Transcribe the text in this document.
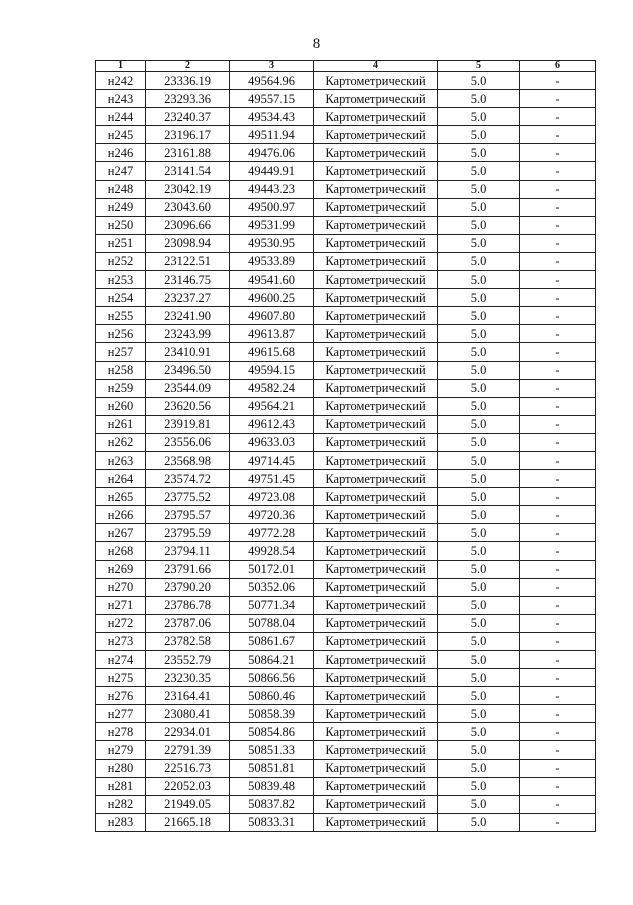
8
1	2	3	4	5	6
н242	23336.19	49564.96	Картометрический	5.0	-
н243	23293.36	49557.15	Картометрический	5.0	-
н244	23240.37	49534.43	Картометрический	5.0	-
н245	23196.17	49511.94	Картометрический	5.0	-
н246	23161.88	49476.06	Картометрический	5.0	-
н247	23141.54	49449.91	Картометрический	5.0	-
н248	23042.19	49443.23	Картометрический	5.0	-
н249	23043.60	49500.97	Картометрический	5.0	-
н250	23096.66	49531.99	Картометрический	5.0	-
н251	23098.94	49530.95	Картометрический	5.0	-
н252	23122.51	49533.89	Картометрический	5.0	-
н253	23146.75	49541.60	Картометрический	5.0	-
н254	23237.27	49600.25	Картометрический	5.0	-
н255	23241.90	49607.80	Картометрический	5.0	-
н256	23243.99	49613.87	Картометрический	5.0	-
н257	23410.91	49615.68	Картометрический	5.0	-
н258	23496.50	49594.15	Картометрический	5.0	-
н259	23544.09	49582.24	Картометрический	5.0	-
н260	23620.56	49564.21	Картометрический	5.0	-
н261	23919.81	49612.43	Картометрический	5.0	-
н262	23556.06	49633.03	Картометрический	5.0	-
н263	23568.98	49714.45	Картометрический	5.0	-
н264	23574.72	49751.45	Картометрический	5.0	-
н265	23775.52	49723.08	Картометрический	5.0	-
н266	23795.57	49720.36	Картометрический	5.0	-
н267	23795.59	49772.28	Картометрический	5.0	-
н268	23794.11	49928.54	Картометрический	5.0	-
н269	23791.66	50172.01	Картометрический	5.0	-
н270	23790.20	50352.06	Картометрический	5.0	-
н271	23786.78	50771.34	Картометрический	5.0	-
н272	23787.06	50788.04	Картометрический	5.0	-
н273	23782.58	50861.67	Картометрический	5.0	-
н274	23552.79	50864.21	Картометрический	5.0	-
н275	23230.35	50866.56	Картометрический	5.0	-
н276	23164.41	50860.46	Картометрический	5.0	-
н277	23080.41	50858.39	Картометрический	5.0	-
н278	22934.01	50854.86	Картометрический	5.0	-
н279	22791.39	50851.33	Картометрический	5.0	-
н280	22516.73	50851.81	Картометрический	5.0	-
н281	22052.03	50839.48	Картометрический	5.0	-
н282	21949.05	50837.82	Картометрический	5.0	-
н283	21665.18	50833.31	Картометрический	5.0	-
